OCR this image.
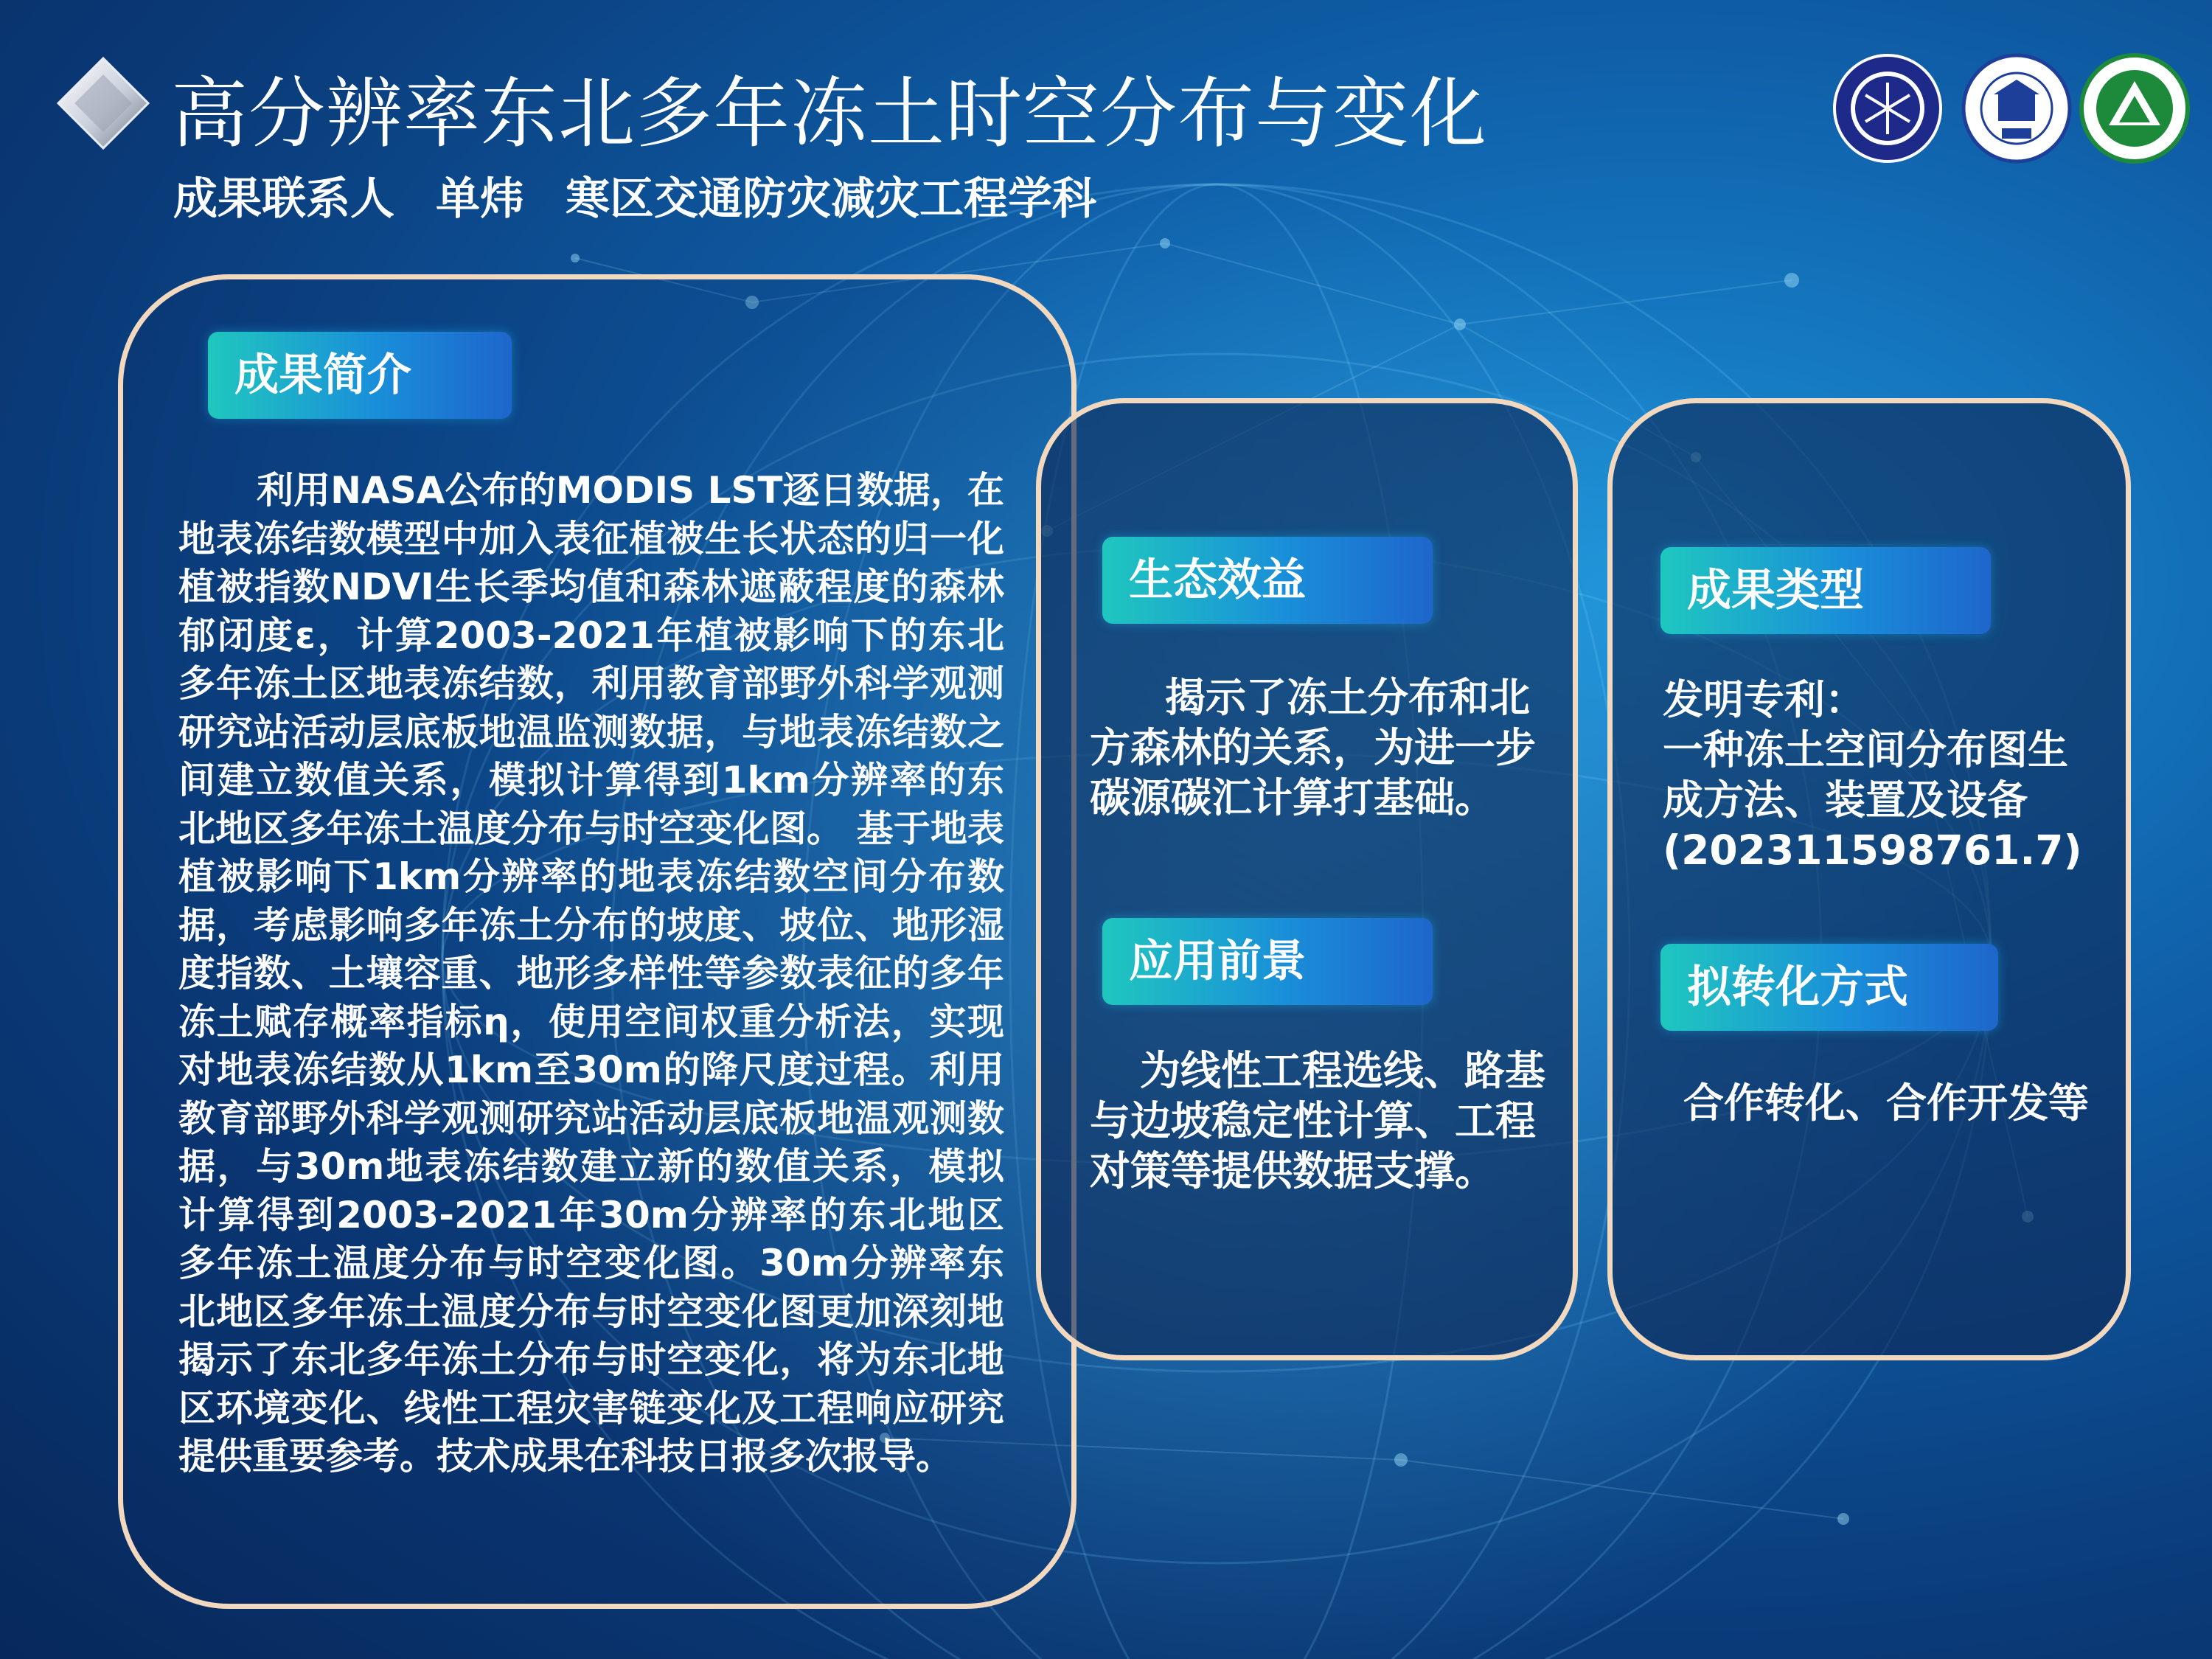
高分辨率东北多年冻土时空分布与变化
成果联系人 单炜 寒区交通防灾减灾工程学科
成果简介

利用NASA公布的MODIS LST逐日数据，在地表冻结数模型中加入表征植被生长状态的归一化植被指数NDVI生长季均值和森林遮蔽程度的森林郁闭度ε，计算2003-2021年植被影响下的东北多年冻土区地表冻结数，利用教育部野外科学观测研究站活动层底板地温监测数据，与地表冻结数之间建立数值关系，模拟计算得到1km分辨率的东北地区多年冻土温度分布与时空变化图。 基于地表植被影响下1km分辨率的地表冻结数空间分布数据，考虑影响多年冻土分布的坡度、坡位、地形湿度指数、土壤容重、地形多样性等参数表征的多年冻土赋存概率指标η，使用空间权重分析法，实现对地表冻结数从1km至30m的降尺度过程。利用教育部野外科学观测研究站活动层底板地温观测数据，与30m地表冻结数建立新的数值关系，模拟计算得到2003-2021年30m分辨率的东北地区多年冻土温度分布与时空变化图。30m分辨率东北地区多年冻土温度分布与时空变化图更加深刻地揭示了东北多年冻土分布与时空变化，将为东北地区环境变化、线性工程灾害链变化及工程响应研究提供重要参考。技术成果在科技日报多次报导。

生态效益

揭示了冻土分布和北方森林的关系，为进一步碳源碳汇计算打基础。

应用前景

为线性工程选线、路基与边坡稳定性计算、工程对策等提供数据支撑。

成果类型
发明专利：
一种冻土空间分布图生
成方法、装置及设备
(202311598761.7)
拟转化方式

合作转化、合作开发等
